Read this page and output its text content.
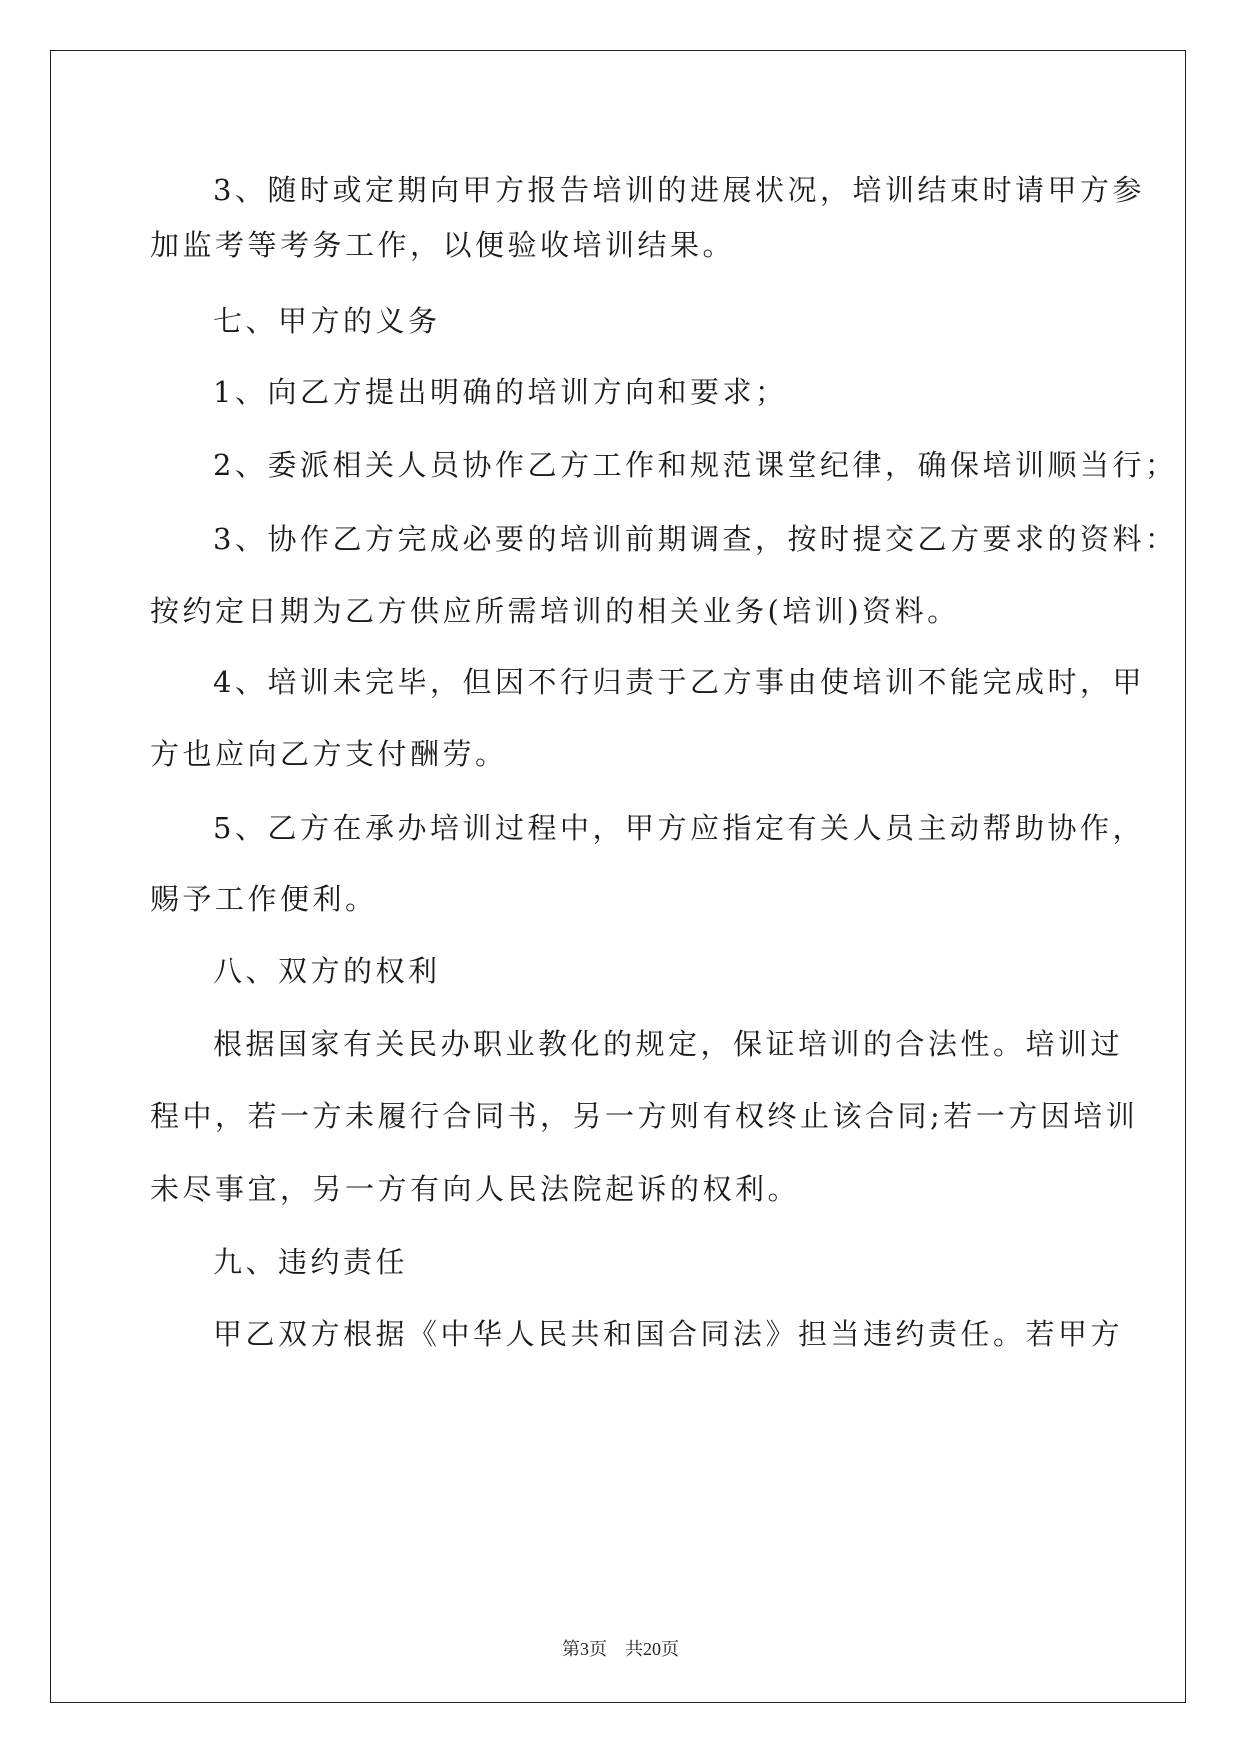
3、随时或定期向甲方报告培训的进展状况，培训结束时请甲方参
加监考等考务工作，以便验收培训结果。
七、甲方的义务
1、向乙方提出明确的培训方向和要求；
2、委派相关人员协作乙方工作和规范课堂纪律，确保培训顺当行；
3、协作乙方完成必要的培训前期调查，按时提交乙方要求的资料：
按约定日期为乙方供应所需培训的相关业务(培训)资料。
4、培训未完毕，但因不行归责于乙方事由使培训不能完成时，甲
方也应向乙方支付酬劳。
5、乙方在承办培训过程中，甲方应指定有关人员主动帮助协作，
赐予工作便利。
八、双方的权利
根据国家有关民办职业教化的规定，保证培训的合法性。培训过
程中，若一方未履行合同书，另一方则有权终止该合同;若一方因培训
未尽事宜，另一方有向人民法院起诉的权利。
九、违约责任
甲乙双方根据《中华人民共和国合同法》担当违约责任。若甲方
第3页 共20页
